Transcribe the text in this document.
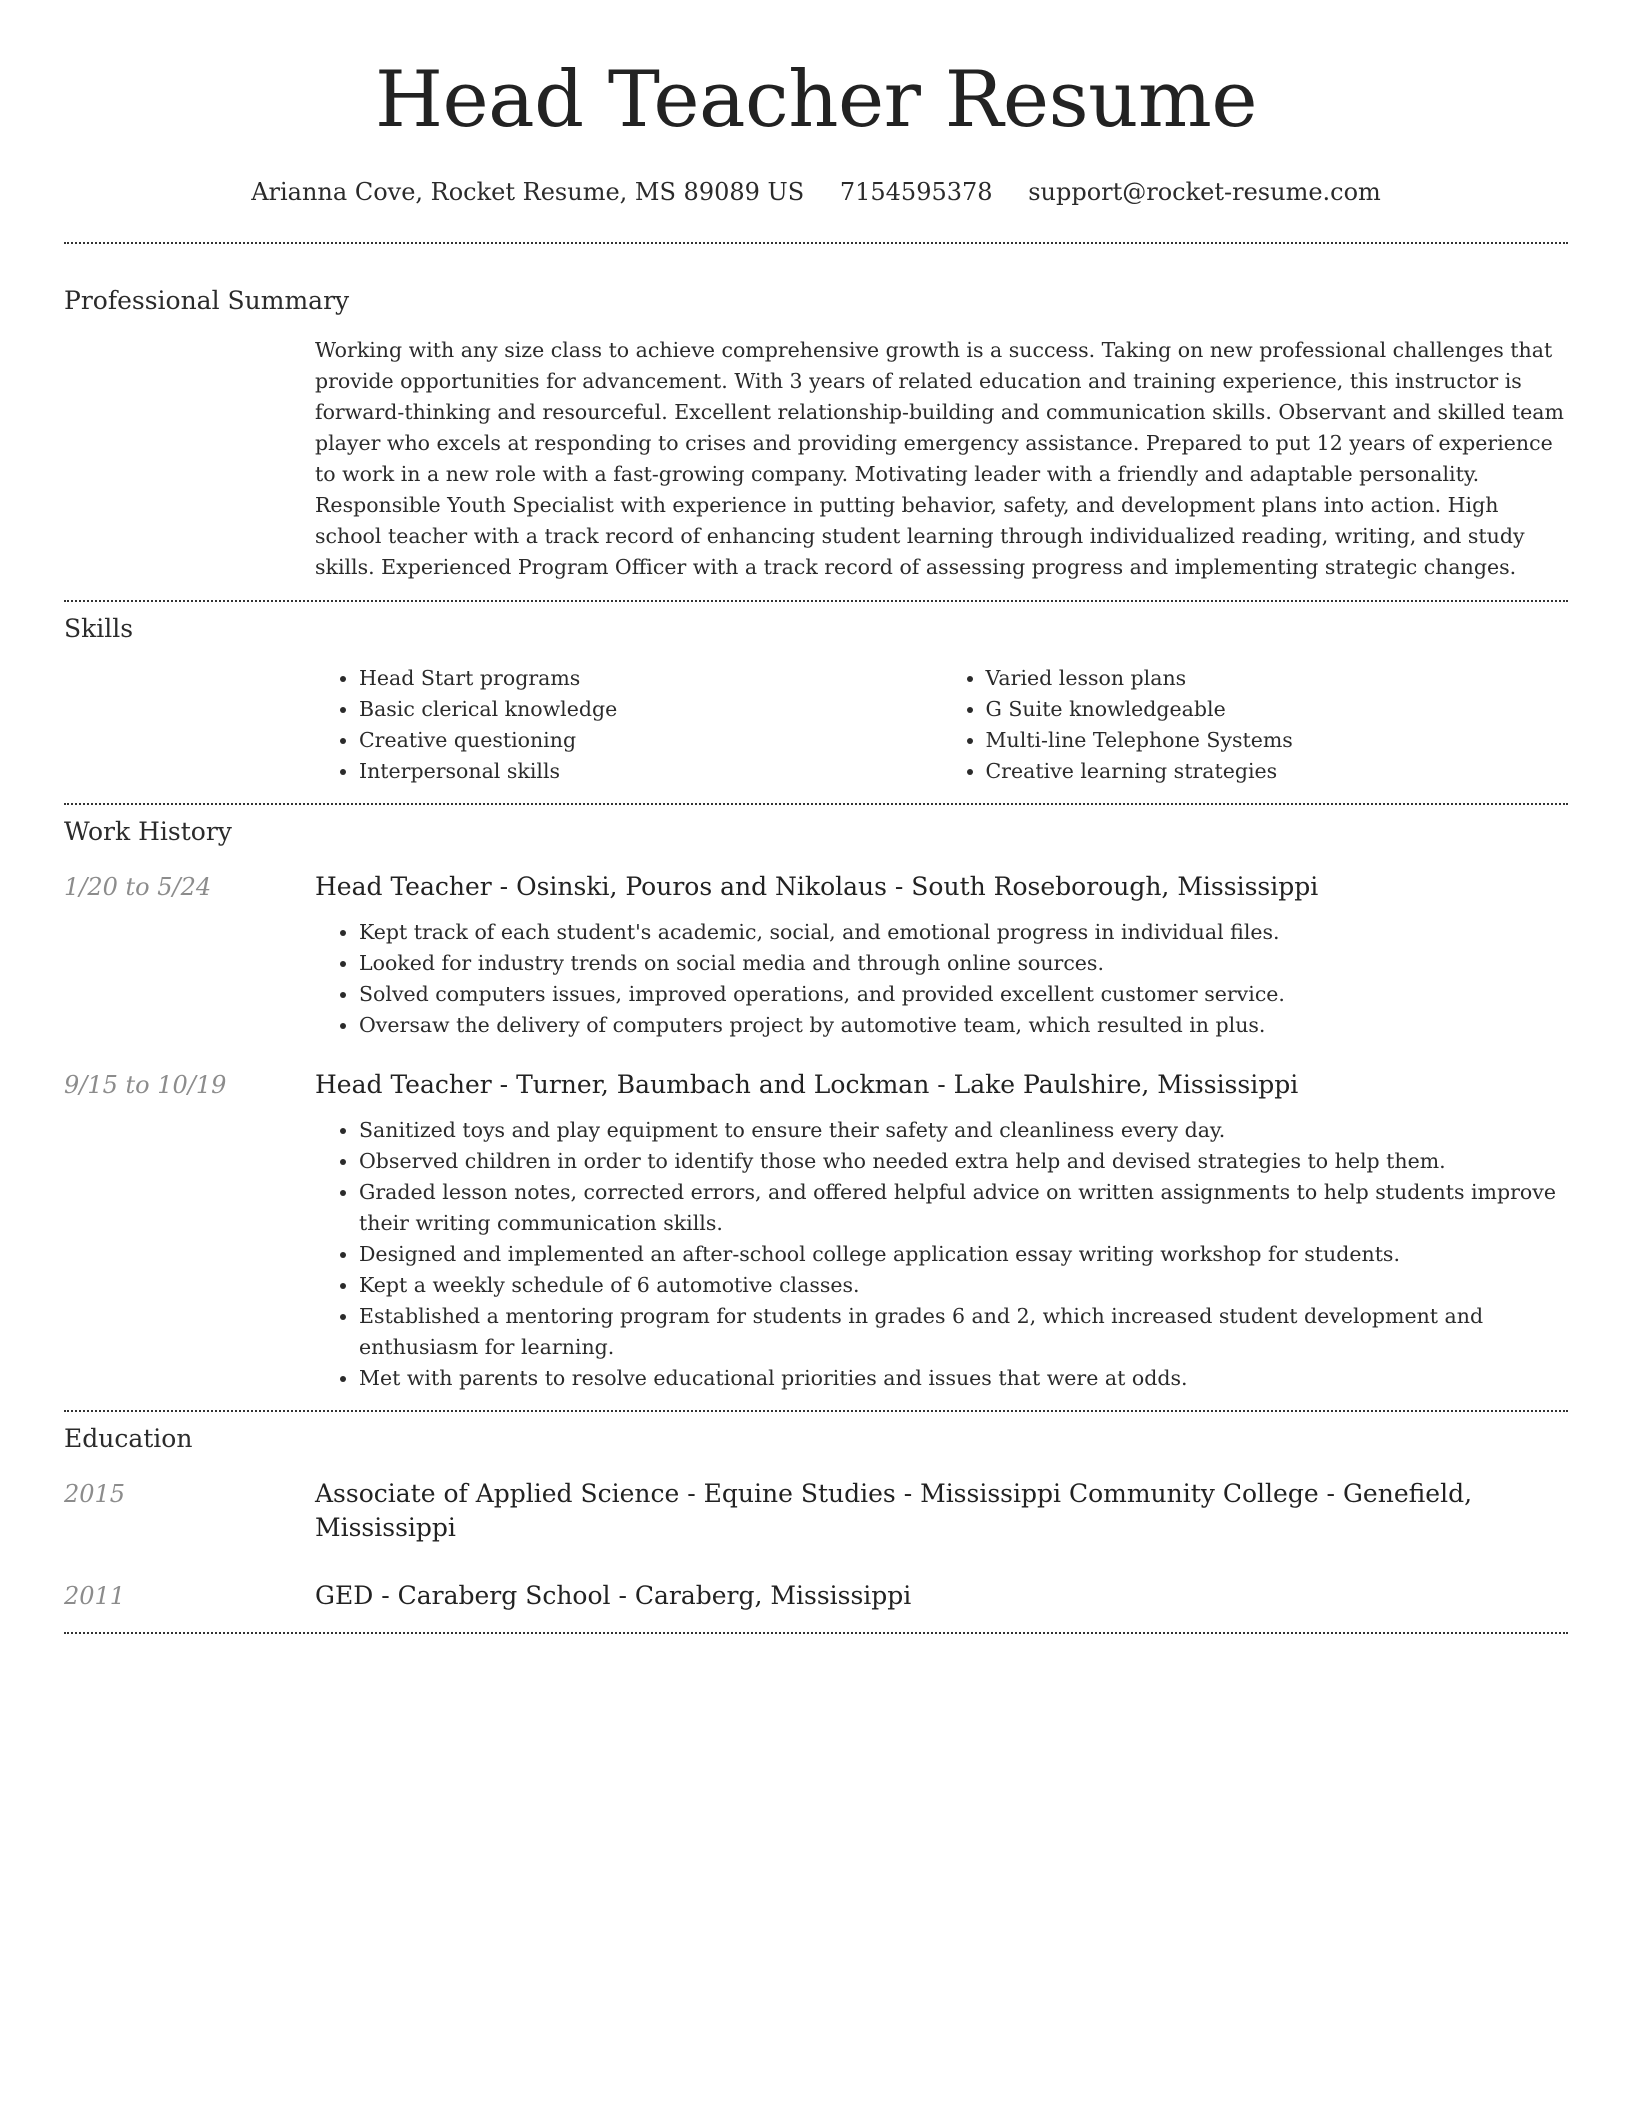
Head Teacher Resume
Arianna Cove, Rocket Resume, MS 89089 US 7154595378 support@rocket-resume.com
Professional Summary

Working with any size class to achieve comprehensive growth is a success. Taking on new professional challenges that provide opportunities for advancement. With 3 years of related education and training experience, this instructor is forward-thinking and resourceful. Excellent relationship-building and communication skills. Observant and skilled team player who excels at responding to crises and providing emergency assistance. Prepared to put 12 years of experience to work in a new role with a fast-growing company. Motivating leader with a friendly and adaptable personality. Responsible Youth Specialist with experience in putting behavior, safety, and development plans into action. High school teacher with a track record of enhancing student learning through individualized reading, writing, and study skills. Experienced Program Officer with a track record of assessing progress and implementing strategic changes.

Skills
• Head Start programs
• Basic clerical knowledge
• Creative questioning
• Interpersonal skills
• Varied lesson plans
• G Suite knowledgeable
• Multi-line Telephone Systems
• Creative learning strategies
Work History
1/20 to 5/24	Head Teacher - Osinski, Pouros and Nikolaus - South Roseborough, Mississippi
• Kept track of each student's academic, social, and emotional progress in individual files.
• Looked for industry trends on social media and through online sources.
• Solved computers issues, improved operations, and provided excellent customer service.
• Oversaw the delivery of computers project by automotive team, which resulted in plus.
9/15 to 10/19	Head Teacher - Turner, Baumbach and Lockman - Lake Paulshire, Mississippi
• Sanitized toys and play equipment to ensure their safety and cleanliness every day.
• Observed children in order to identify those who needed extra help and devised strategies to help them.
• Graded lesson notes, corrected errors, and offered helpful advice on written assignments to help students improve their writing communication skills.
• Designed and implemented an after-school college application essay writing workshop for students.
• Kept a weekly schedule of 6 automotive classes.
• Established a mentoring program for students in grades 6 and 2, which increased student development and enthusiasm for learning.
• Met with parents to resolve educational priorities and issues that were at odds.
Education
2015	Associate of Applied Science - Equine Studies - Mississippi Community College - Genefield, Mississippi
2011	GED - Caraberg School - Caraberg, Mississippi
